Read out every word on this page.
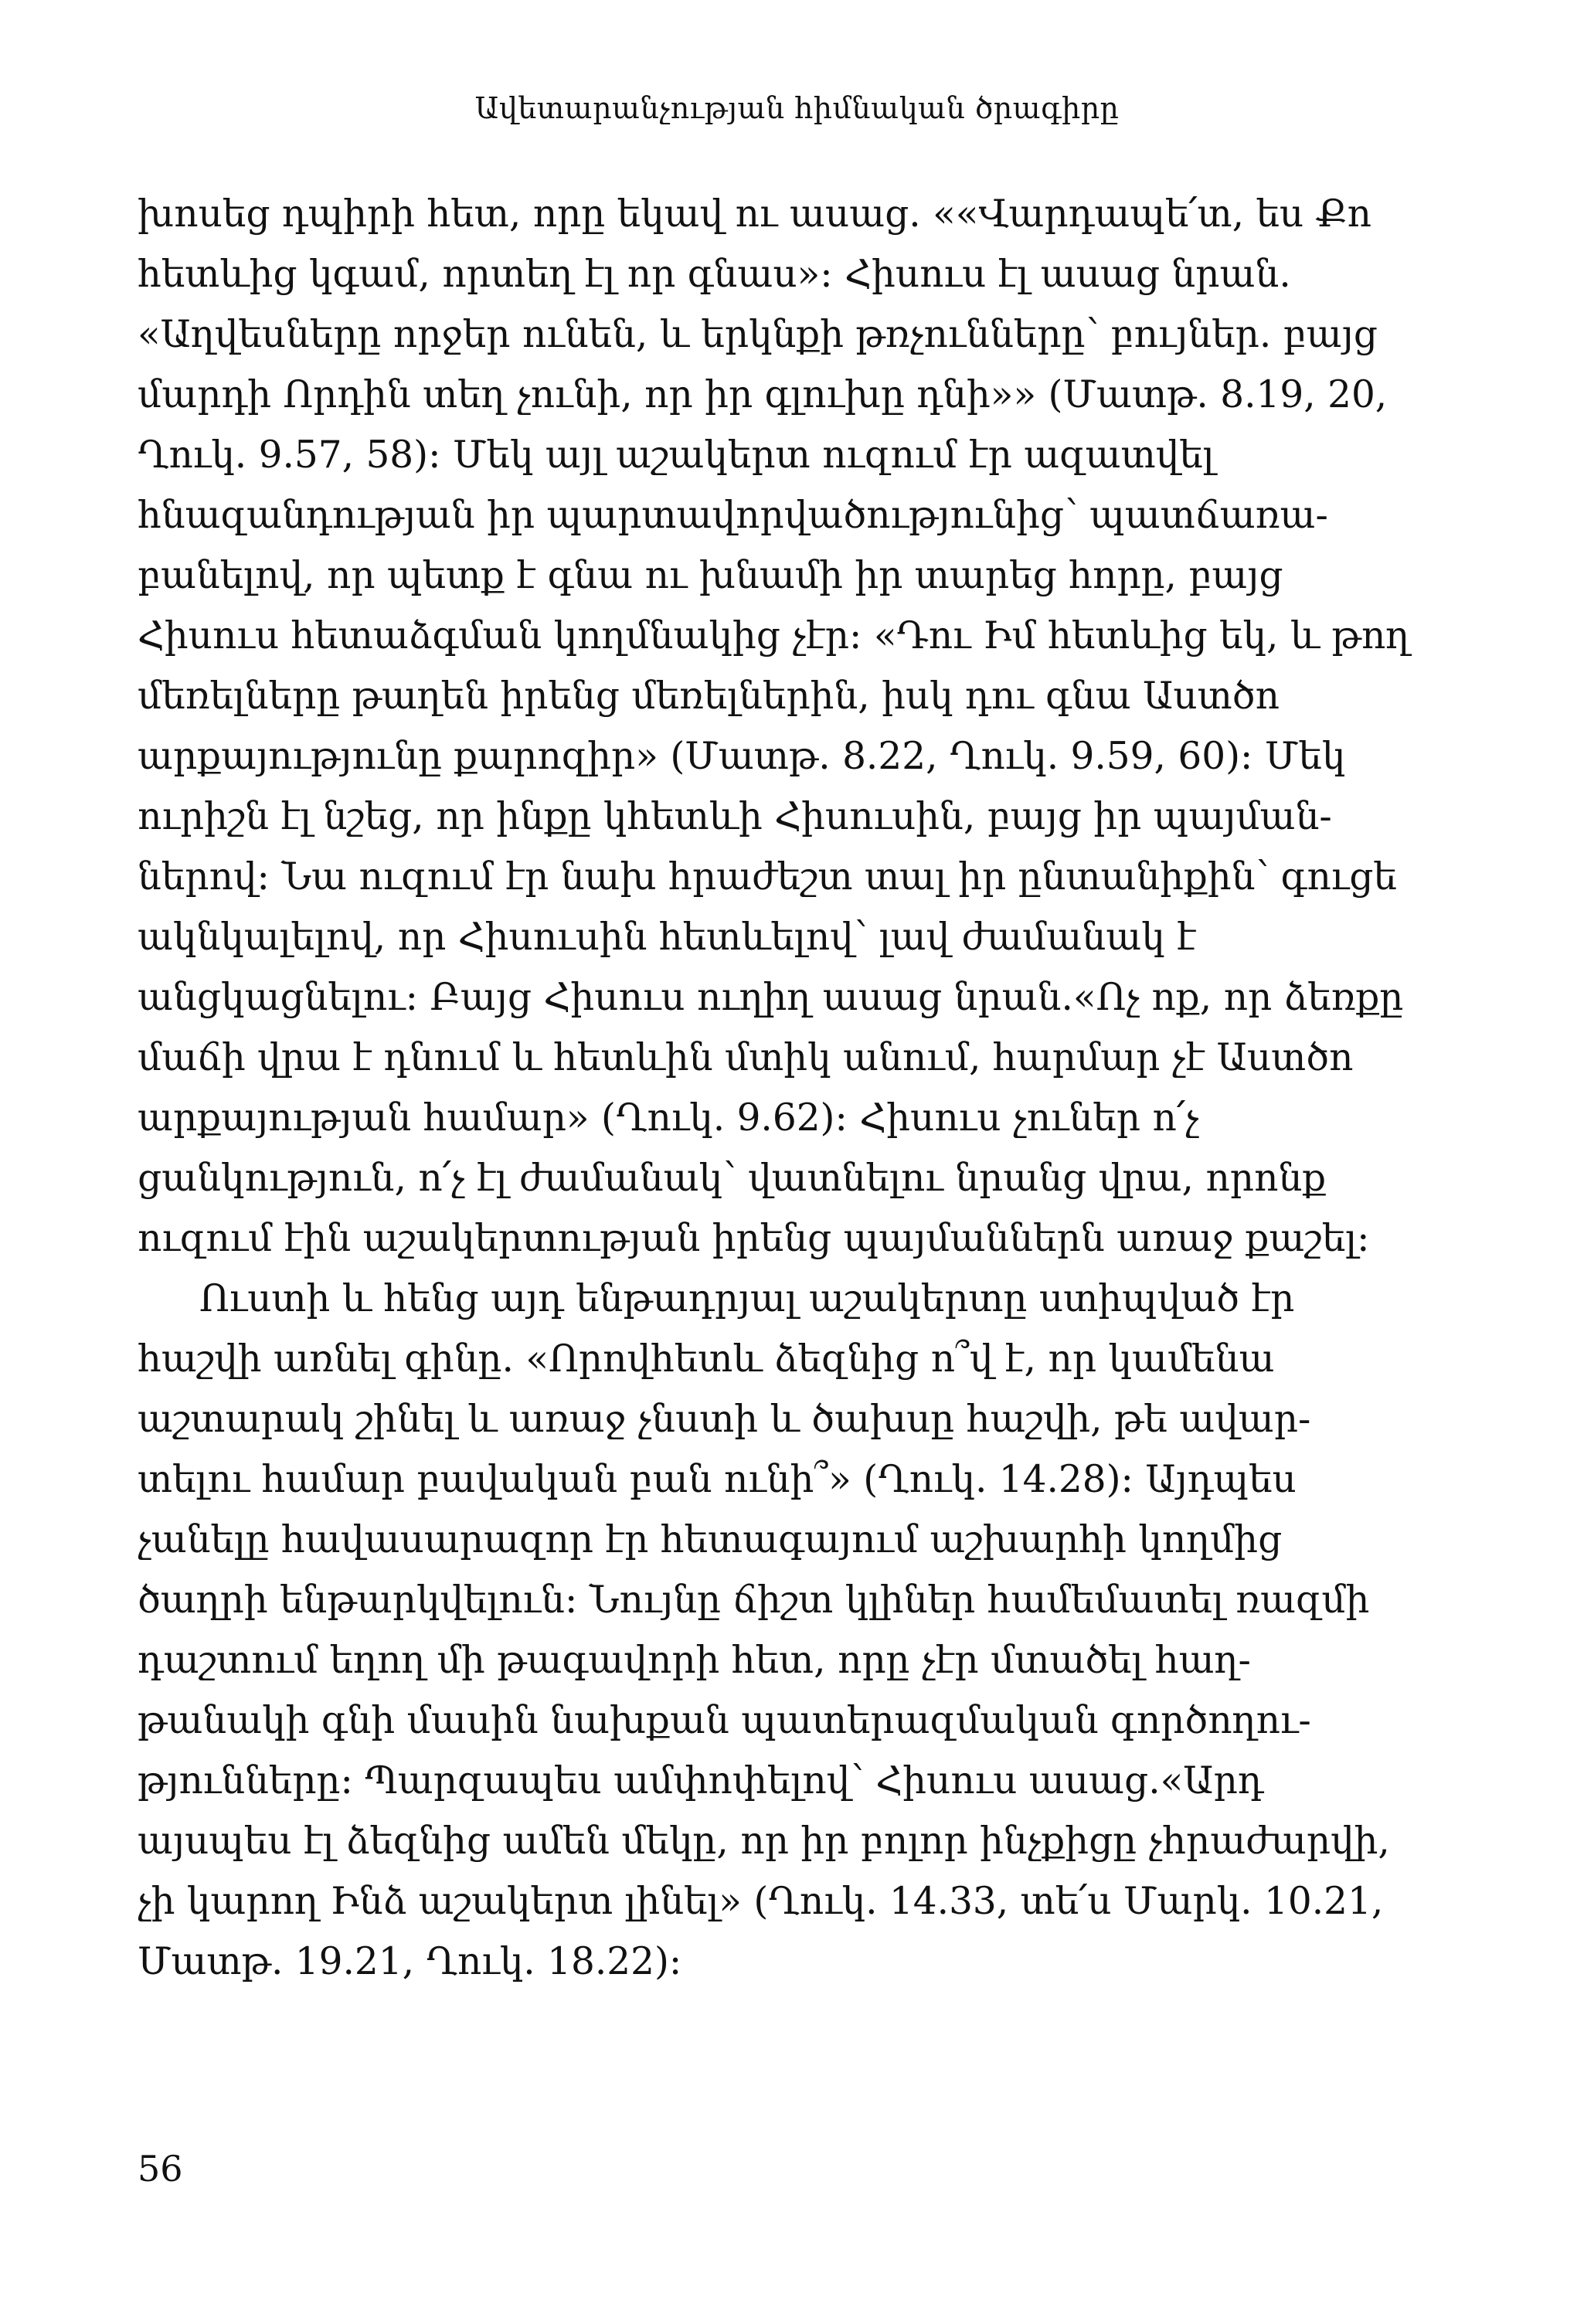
Ավետարանչության հիմնական ծրագիրը
խոսեց դպիրի հետ, որը եկավ ու ասաց. ««Վարդապե՛տ, ես Քո
հետևից կգամ, որտեղ էլ որ գնաս»։ Հիսուս էլ ասաց նրան.
«Աղվեսները որջեր ունեն, և երկնքի թռչունները՝ բույներ. բայց
մարդի Որդին տեղ չունի, որ իր գլուխը դնի»» (Մատթ. 8.19, 20,
Ղուկ. 9.57, 58)։ Մեկ այլ աշակերտ ուզում էր ազատվել
հնազանդության իր պարտավորվածությունից՝ պատճառա-
բանելով, որ պետք է գնա ու խնամի իր տարեց հորը, բայց
Հիսուս հետաձգման կողմնակից չէր։ «Դու Իմ հետևից եկ, և թող
մեռելները թաղեն իրենց մեռելներին, իսկ դու գնա Աստծո
արքայությունը քարոզիր» (Մատթ. 8.22, Ղուկ. 9.59, 60)։ Մեկ
ուրիշն էլ նշեց, որ ինքը կհետևի Հիսուսին, բայց իր պայման-
ներով։ Նա ուզում էր նախ հրաժեշտ տալ իր ընտանիքին՝ գուցե
ակնկալելով, որ Հիսուսին հետևելով՝ լավ ժամանակ է
անցկացնելու։ Բայց Հիսուս ուղիղ ասաց նրան.«Ոչ ոք, որ ձեռքը
մաճի վրա է դնում և հետևին մտիկ անում, հարմար չէ Աստծո
արքայության համար» (Ղուկ. 9.62)։ Հիսուս չուներ ո՛չ
ցանկություն, ո՛չ էլ ժամանակ՝ վատնելու նրանց վրա, որոնք
ուզում էին աշակերտության իրենց պայմաններն առաջ քաշել։
Ուստի և հենց այդ ենթադրյալ աշակերտը ստիպված էր
հաշվի առնել գինը. «Որովհետև ձեզնից ո՞վ է, որ կամենա
աշտարակ շինել և առաջ չնստի և ծախսը հաշվի, թե ավար-
տելու համար բավական բան ունի՞» (Ղուկ. 14.28)։ Այդպես
չանելը հավասարազոր էր հետագայում աշխարհի կողմից
ծաղրի ենթարկվելուն։ Նույնը ճիշտ կլիներ համեմատել ռազմի
դաշտում եղող մի թագավորի հետ, որը չէր մտածել հաղ-
թանակի գնի մասին նախքան պատերազմական գործողու-
թյունները։ Պարզապես ամփոփելով՝ Հիսուս ասաց.«Արդ
այսպես էլ ձեզնից ամեն մեկը, որ իր բոլոր ինչքիցը չհրաժարվի,
չի կարող Ինձ աշակերտ լինել» (Ղուկ. 14.33, տե՛ս Մարկ. 10.21,
Մատթ. 19.21, Ղուկ. 18.22)։
56
